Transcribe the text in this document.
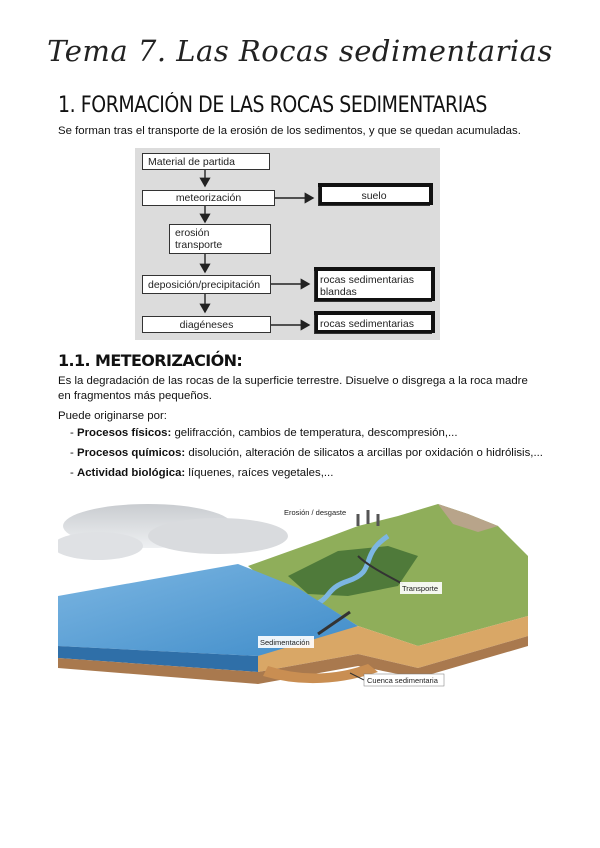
Tema 7. Las Rocas sedimentarias
1. FORMACIÓN DE LAS ROCAS SEDIMENTARIAS
Se forman tras el transporte de la erosión de los sedimentos, y que se quedan acumuladas.
Material de partida
meteorización
erosión
transporte
deposición/precipitación
diagéneses
suelo
rocas sedimentarias
blandas
rocas sedimentarias
1.1. METEORIZACIÓN:
Es la degradación de las rocas de la superficie terrestre. Disuelve o disgrega a la roca madre en fragmentos más pequeños.
Puede originarse por:
- Procesos físicos: gelifracción, cambios de temperatura, descompresión,...
- Procesos químicos: disolución, alteración de silicatos a arcillas por oxidación o hidrólisis,...
- Actividad biológica: líquenes, raíces vegetales,...
Erosión / desgaste
Transporte
Sedimentación
Cuenca sedimentaria
